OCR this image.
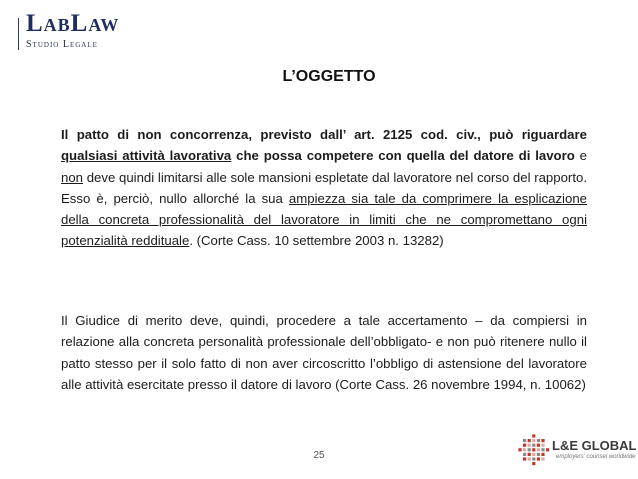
LabLaw
Studio Legale
L’OGGETTO
Il patto di non concorrenza, previsto dall’ art. 2125 cod. civ., può riguardare qualsiasi attività lavorativa che possa competere con quella del datore di lavoro e non deve quindi limitarsi alle sole mansioni espletate dal lavoratore nel corso del rapporto. Esso è, perciò, nullo allorché la sua ampiezza sia tale da comprimere la esplicazione della concreta professionalità del lavoratore in limiti che ne compromettano ogni potenzialità reddituale. (Corte Cass. 10 settembre 2003 n. 13282)
Il Giudice di merito deve, quindi, procedere a tale accertamento – da compiersi in relazione alla concreta personalità professionale dell’obbligato- e non può ritenere nullo il patto stesso per il solo fatto di non aver circoscritto l’obbligo di astensione del lavoratore alle attività esercitate presso il datore di lavoro (Corte Cass. 26 novembre 1994, n. 10062)
25
L&E GLOBAL
employers' counsel worldwide
